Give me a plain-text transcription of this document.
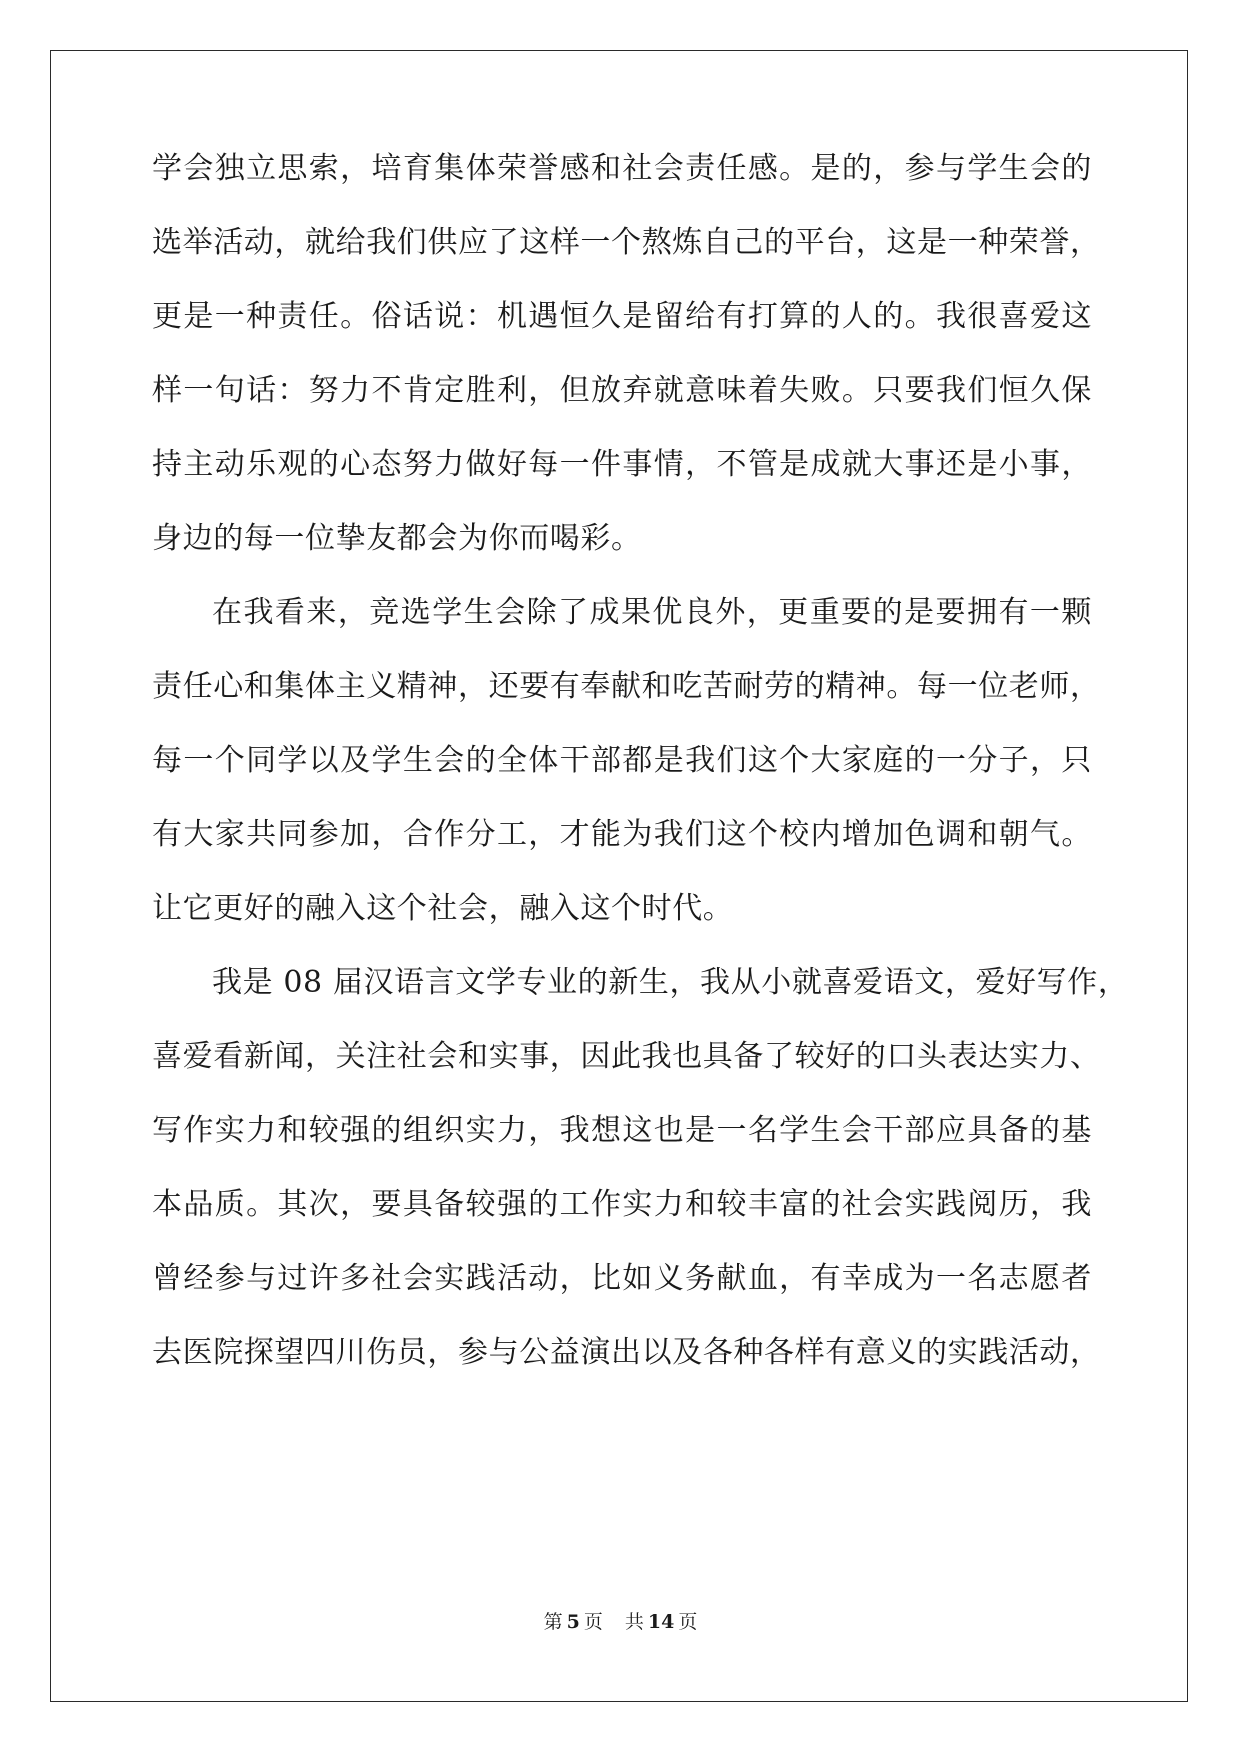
学会独立思索，培育集体荣誉感和社会责任感。是的，参与学生会的

选举活动，就给我们供应了这样一个熬炼自己的平台，这是一种荣誉，

更是一种责任。俗话说：机遇恒久是留给有打算的人的。我很喜爱这

样一句话：努力不肯定胜利，但放弃就意味着失败。只要我们恒久保

持主动乐观的心态努力做好每一件事情，不管是成就大事还是小事，

身边的每一位挚友都会为你而喝彩。

在我看来，竞选学生会除了成果优良外，更重要的是要拥有一颗

责任心和集体主义精神，还要有奉献和吃苦耐劳的精神。每一位老师，

每一个同学以及学生会的全体干部都是我们这个大家庭的一分子，只

有大家共同参加，合作分工，才能为我们这个校内增加色调和朝气。

让它更好的融入这个社会，融入这个时代。

我是 08 届汉语言文学专业的新生，我从小就喜爱语文，爱好写作，

喜爱看新闻，关注社会和实事，因此我也具备了较好的口头表达实力、

写作实力和较强的组织实力，我想这也是一名学生会干部应具备的基

本品质。其次，要具备较强的工作实力和较丰富的社会实践阅历，我

曾经参与过许多社会实践活动，比如义务献血，有幸成为一名志愿者

去医院探望四川伤员，参与公益演出以及各种各样有意义的实践活动，

第 5 页 共 14 页
